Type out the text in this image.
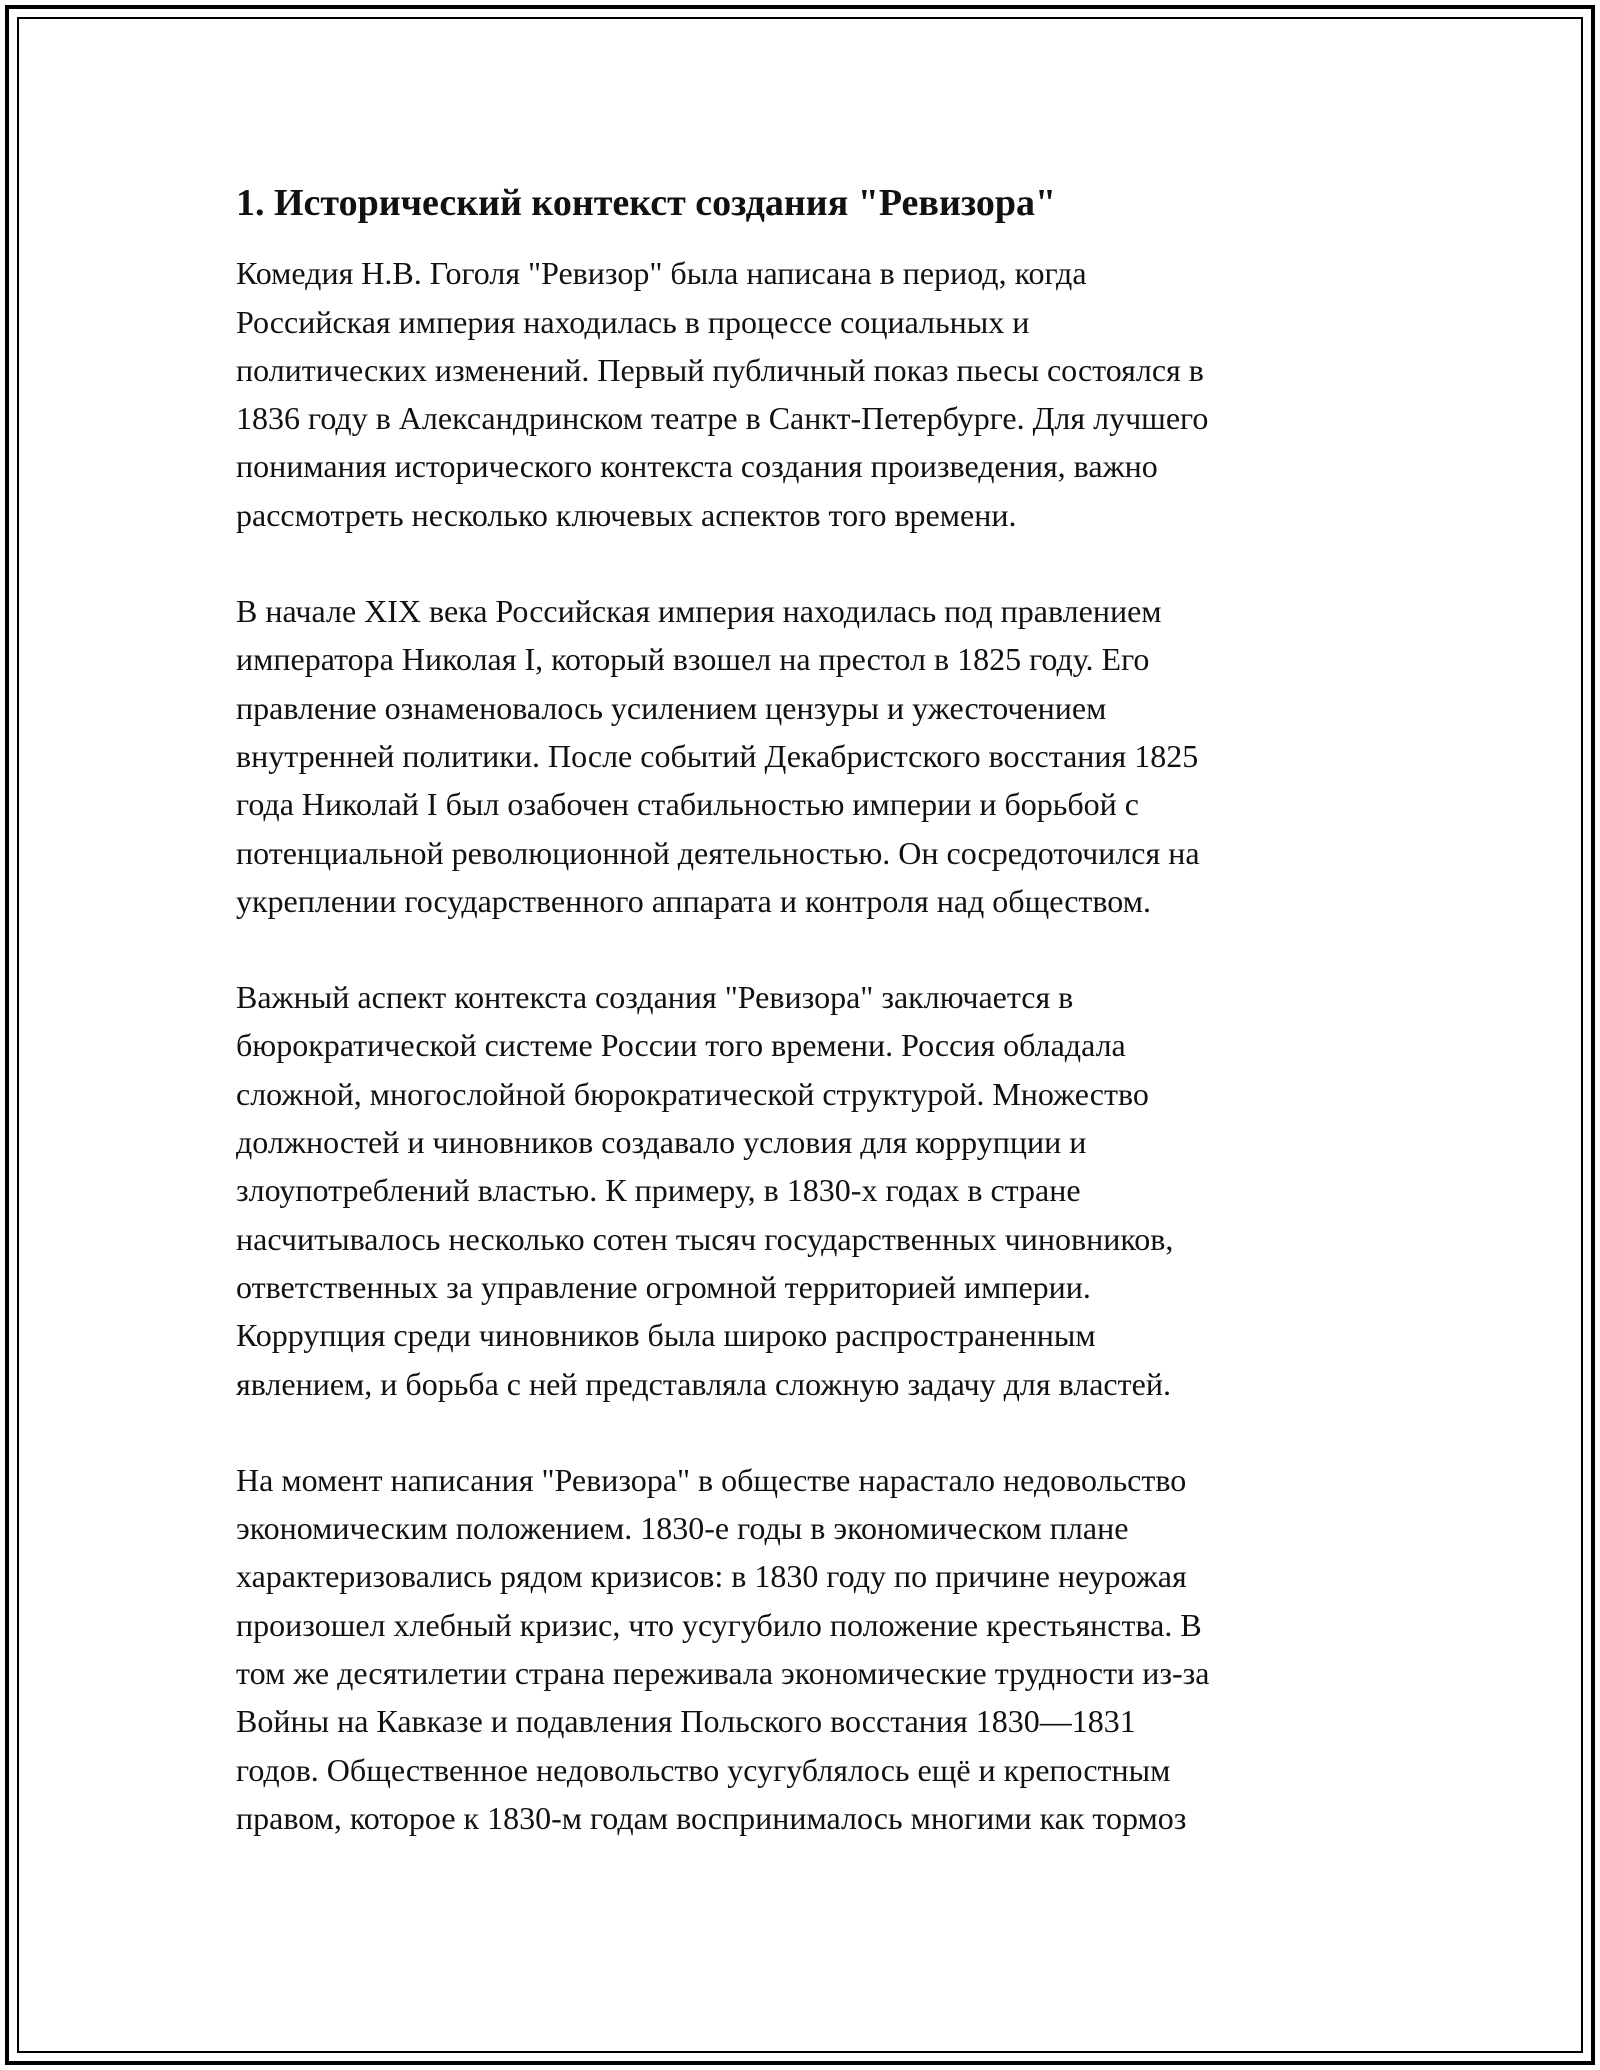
1. Исторический контекст создания "Ревизора"

Комедия Н.В. Гоголя "Ревизор" была написана в период, когда
Российская империя находилась в процессе социальных и
политических изменений. Первый публичный показ пьесы состоялся в
1836 году в Александринском театре в Санкт-Петербурге. Для лучшего
понимания исторического контекста создания произведения, важно
рассмотреть несколько ключевых аспектов того времени.

В начале XIX века Российская империя находилась под правлением
императора Николая I, который взошел на престол в 1825 году. Его
правление ознаменовалось усилением цензуры и ужесточением
внутренней политики. После событий Декабристского восстания 1825
года Николай I был озабочен стабильностью империи и борьбой с
потенциальной революционной деятельностью. Он сосредоточился на
укреплении государственного аппарата и контроля над обществом.

Важный аспект контекста создания "Ревизора" заключается в
бюрократической системе России того времени. Россия обладала
сложной, многослойной бюрократической структурой. Множество
должностей и чиновников создавало условия для коррупции и
злоупотреблений властью. К примеру, в 1830-х годах в стране
насчитывалось несколько сотен тысяч государственных чиновников,
ответственных за управление огромной территорией империи.
Коррупция среди чиновников была широко распространенным
явлением, и борьба с ней представляла сложную задачу для властей.

На момент написания "Ревизора" в обществе нарастало недовольство
экономическим положением. 1830-е годы в экономическом плане
характеризовались рядом кризисов: в 1830 году по причине неурожая
произошел хлебный кризис, что усугубило положение крестьянства. В
том же десятилетии страна переживала экономические трудности из-за
Войны на Кавказе и подавления Польского восстания 1830—1831
годов. Общественное недовольство усугублялось ещё и крепостным
правом, которое к 1830-м годам воспринималось многими как тормоз
